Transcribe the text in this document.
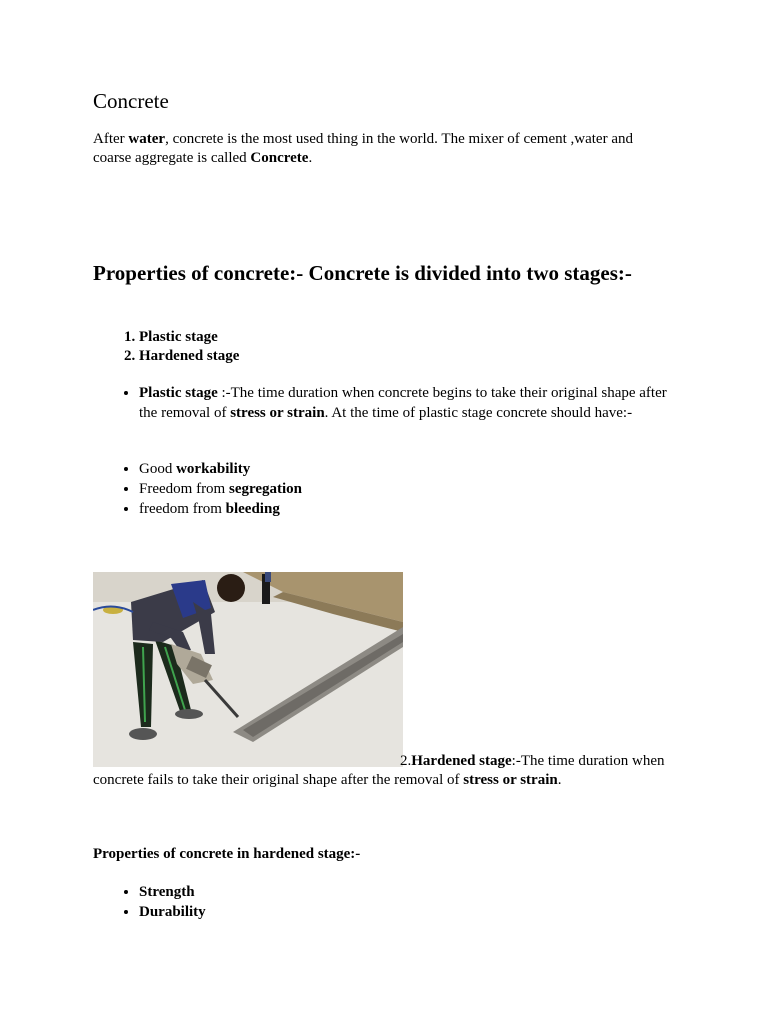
Concrete

After water, concrete is the most used thing in the world. The mixer of cement ,water and coarse aggregate is called Concrete.

Properties of concrete:- Concrete is divided into two stages:-
1. Plastic stage
2. Hardened stage
• Plastic stage :-The time duration when concrete begins to take their original shape after the removal of stress or strain. At the time of plastic stage concrete should have:-
• Good workability
• Freedom from segregation
• freedom from bleeding

2.Hardened stage:-The time duration when concrete fails to take their original shape after the removal of stress or strain.

Properties of concrete in hardened stage:-
• Strength
• Durability
